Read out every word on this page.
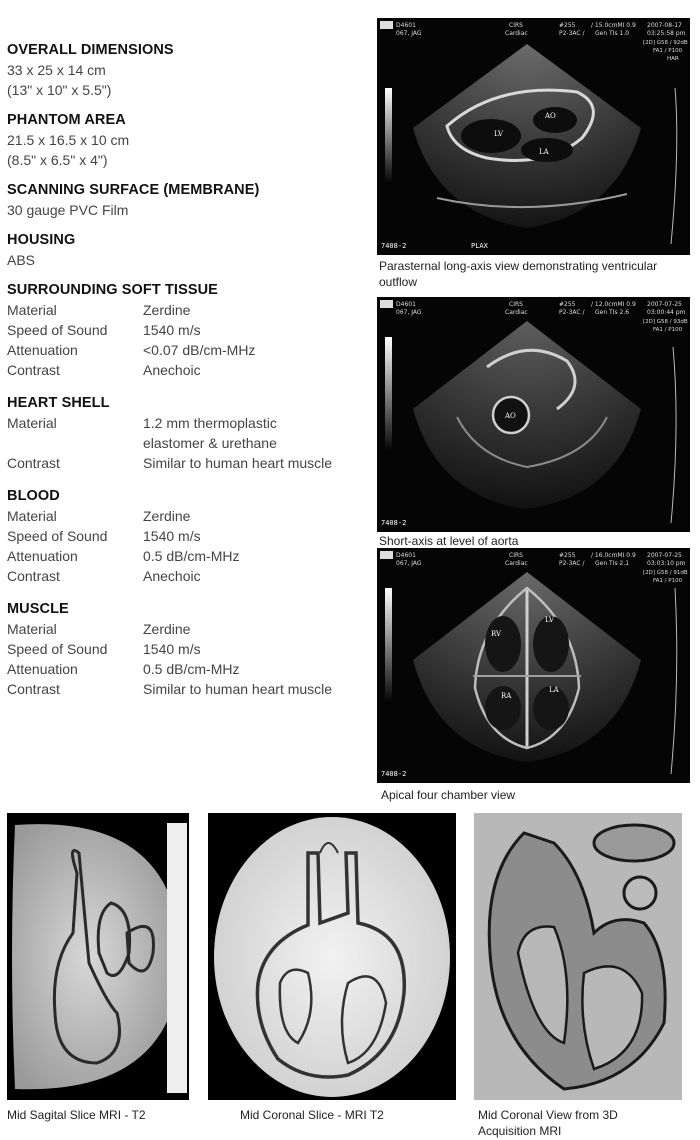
OVERALL DIMENSIONS

33 x 25 x 14 cm

(13" x 10" x 5.5")

PHANTOM AREA

21.5 x 16.5 x 10 cm

(8.5" x 6.5" x 4")

SCANNING SURFACE (MEMBRANE)

30 gauge PVC Film

HOUSING

ABS

SURROUNDING SOFT TISSUE

Material	Zerdine
Speed of Sound	1540 m/s
Attenuation	<0.07 dB/cm-MHz
Contrast	Anechoic

HEART SHELL

Material	1.2 mm thermoplastic
elastomer & urethane
Contrast	Similar to human heart muscle

BLOOD

Material	Zerdine
Speed of Sound	1540 m/s
Attenuation	0.5 dB/cm-MHz
Contrast	Anechoic

MUSCLE

Material	Zerdine
Speed of Sound	1540 m/s
Attenuation	0.5 dB/cm-MHz
Contrast	Similar to human heart muscle
LV
AO
LA
PLAX
7408-2
D4601
067, JAG
CIRS
Cardiac
#255	/ 15.0cmMI 0.9 2007-08-17
P2-3AC / Gen TIs 1.0	03:25:58 pm
[2D] G58 / 92dB
FA1 / P100
HAR
Parasternal long-axis view demonstrating ventricular
outflow
AO
7408-2
D4601
067, JAG
CIRS
Cardiac
#255	/ 12.0cmMI 0.9 2007-07-25
P2-3AC / Gen TIs 2.6	03:00:44 pm
[2D] G58 / 93dB
FA1 / P100
Short-axis at level of aorta
RV
LV
RA
LA
7408-2
D4601
067, JAG
CIRS
Cardiac
#255	/ 16.0cmMI 0.9 2007-07-25
P2-3AC / Gen TIs 2.1	03:03:10 pm
[2D] G58 / 91dB
FA1 / P100
Apical four chamber view
Mid Sagital Slice MRI - T2	Mid Coronal Slice - MRI T2	Mid Coronal View from 3D
Acquisition MRI
